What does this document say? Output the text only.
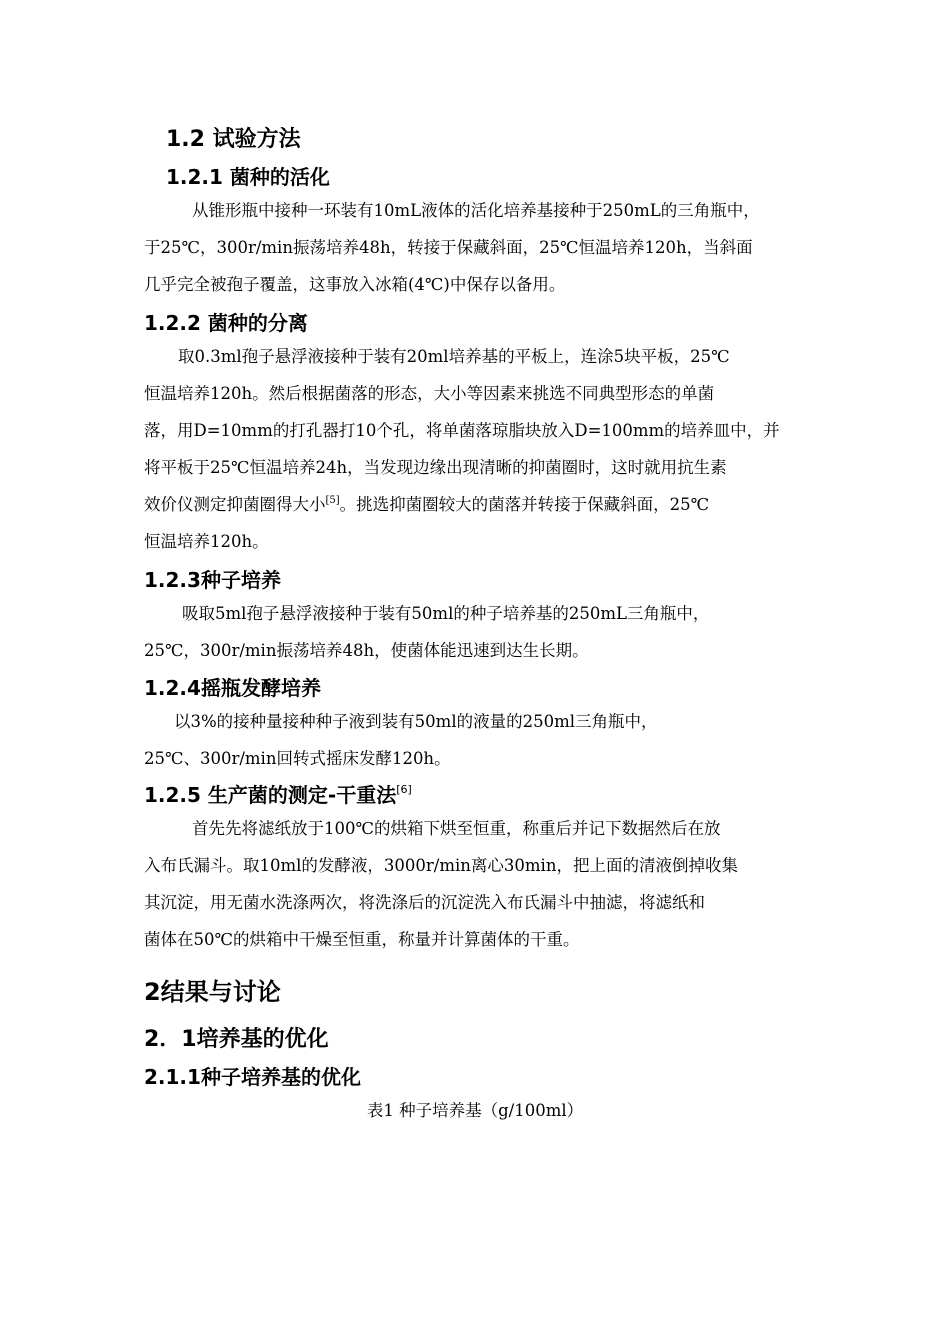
1.2 试验方法
1.2.1 菌种的活化
从锥形瓶中接种一环装有10mL液体的活化培养基接种于250mL的三角瓶中，
于25℃，300r/min振荡培养48h，转接于保藏斜面，25℃恒温培养120h，当斜面
几乎完全被孢子覆盖，这事放入冰箱(4℃)中保存以备用。
1.2.2 菌种的分离
取0.3ml孢子悬浮液接种于装有20ml培养基的平板上，连涂5块平板，25℃
恒温培养120h。然后根据菌落的形态，大小等因素来挑选不同典型形态的单菌
落，用D=10mm的打孔器打10个孔，将单菌落琼脂块放入D=100mm的培养皿中，并
将平板于25℃恒温培养24h，当发现边缘出现清晰的抑菌圈时，这时就用抗生素
效价仪测定抑菌圈得大小[5]。挑选抑菌圈较大的菌落并转接于保藏斜面，25℃
恒温培养120h。
1.2.3种子培养
吸取5ml孢子悬浮液接种于装有50ml的种子培养基的250mL三角瓶中，
25℃，300r/min振荡培养48h，使菌体能迅速到达生长期。
1.2.4摇瓶发酵培养
以3%的接种量接种种子液到装有50ml的液量的250ml三角瓶中，
25℃、300r/min回转式摇床发酵120h。
1.2.5 生产菌的测定-干重法[6]
首先先将滤纸放于100℃的烘箱下烘至恒重，称重后并记下数据然后在放
入布氏漏斗。取10ml的发酵液，3000r/min离心30min，把上面的清液倒掉收集
其沉淀，用无菌水洗涤两次，将洗涤后的沉淀洗入布氏漏斗中抽滤，将滤纸和
菌体在50℃的烘箱中干燥至恒重，称量并计算菌体的干重。
2结果与讨论
2．1培养基的优化
2.1.1种子培养基的优化
表1 种子培养基（g/100ml）
